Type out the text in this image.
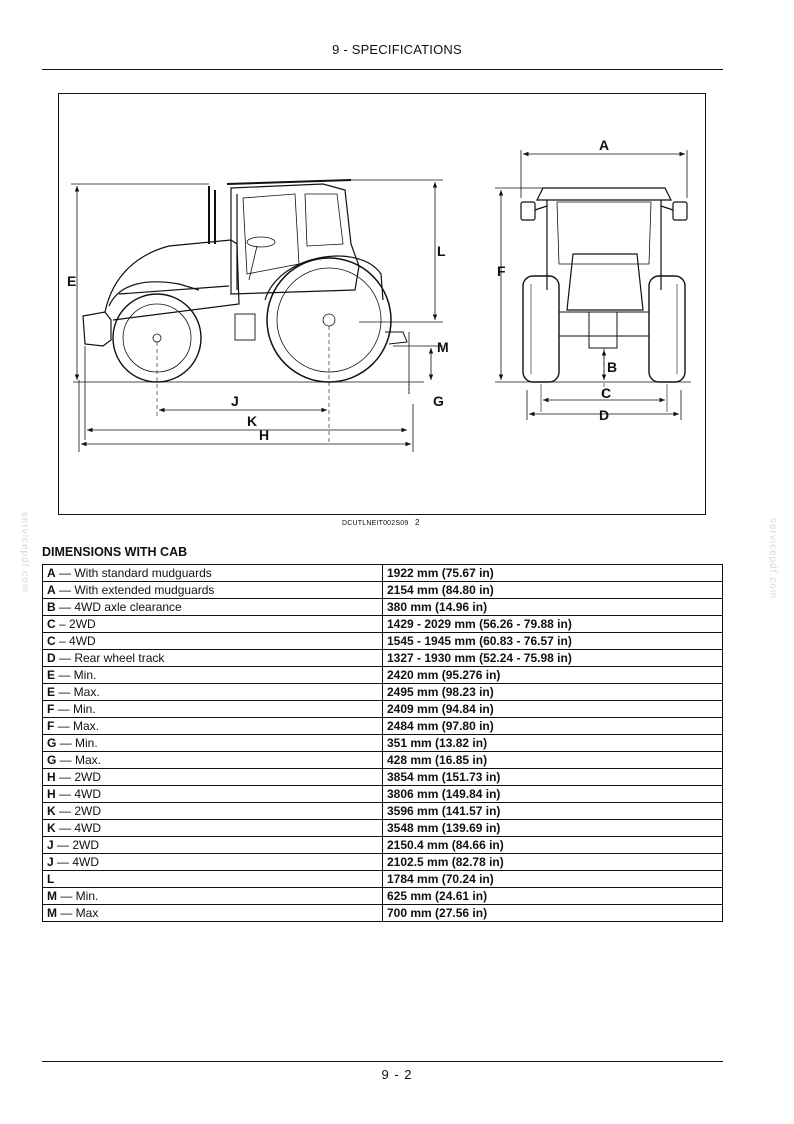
9 - SPECIFICATIONS
E
L
M
G
J
K
H
A
F
B
C
D
DCUTLNEIT002S09 2
servicepdf.com	servicepdf.com
DIMENSIONS WITH CAB
A — With standard mudguards	1922 mm (75.67 in)
A — With extended mudguards	2154 mm (84.80 in)
B — 4WD axle clearance	380 mm (14.96 in)
C – 2WD	1429 - 2029 mm (56.26 - 79.88 in)
C – 4WD	1545 - 1945 mm (60.83 - 76.57 in)
D — Rear wheel track	1327 - 1930 mm (52.24 - 75.98 in)
E — Min.	2420 mm (95.276 in)
E — Max.	2495 mm (98.23 in)
F — Min.	2409 mm (94.84 in)
F — Max.	2484 mm (97.80 in)
G — Min.	351 mm (13.82 in)
G — Max.	428 mm (16.85 in)
H — 2WD	3854 mm (151.73 in)
H — 4WD	3806 mm (149.84 in)
K — 2WD	3596 mm (141.57 in)
K — 4WD	3548 mm (139.69 in)
J — 2WD	2150.4 mm (84.66 in)
J — 4WD	2102.5 mm (82.78 in)
L	1784 mm (70.24 in)
M — Min.	625 mm (24.61 in)
M — Max	700 mm (27.56 in)
9 - 2
